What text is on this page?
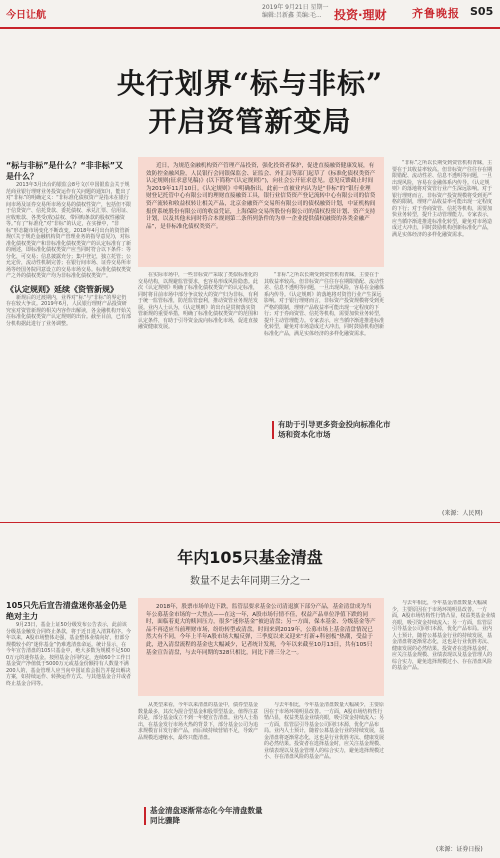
今日让航
2019年 9月21日 星期一
编辑:吕新鑫 美编:毛...	投资·理财 齐鲁晚报 S05
央行划界“标与非标”
开启资管新变局

近日，为规范金融机构资产管理产品投资，强化投资者保护，促进直接融资健康发展，有效防控金融风险，人民银行会同银保监会、证监会、外汇局等部门起草了《标准化债权类资产认定规则(征求意见稿)》(以下简称“《认定规则》”)，向社会公开征求意见。意见反馈截止时间为2019年11月10日。《认定规则》中明确指出，此前一直被业内认为是“非标”的“银行业理财登记托管中心有限公司的理财直接融资工具，银行业信贷资产登记流转中心有限公司的信贷资产流转和收益权转让相关产品，北京金融资产交易所有限公司的债权融资计划，中证机构间报价系统股份有限公司的收益凭证，上海保险交易所股份有限公司的债权投资计划、资产支持计划，以及其他未同时符合本规则第二条所列条件的为单一企业提供债权融资的各类金融产品”，是非标准化债权类资产。

“标与非标”是什么？“非非标”又是什么？

2013年3月出台的银监会8号文(《中国银监会关于规范商业银行理财业务投资运作有关问题的通知》)，能出了对“非标”的明确定义：“非标准化债权资产是指未在银行间市场及证券交易所市场交易的债权性资产，包括但不限于信贷资产、信托贷款、委托债权、承兑汇票、信用证、应收账款、各类受(收)益权、带回购条款的股权性融资等。”有了“标准化”对“非标”的认定，在实操中，“非标”形态随市场变化不断改变。2018年4月出台的资管新规(《关于规范金融机构资产管理业务的指导意见》)，对标准化债权类资产和非标准化债权类资产的认定标准有了新的阐述，即标准化债权类资产应当同时符合以下条件：等分化，可交易；信息披露充分；集中登记，独立托管；公允定价，流动性机制完善；在银行间市场、证券交易所市场等经国务院同意设立的交易市场交易。标准化债权类资产之外的债权类资产均为非标准化债权类资产。

《认定规则》延续《资管新规》

新规后的过渡期内，业界对“标”与“非标”的界定仍存在较大争议。2019年6月，人民银行理财产品投资研究室对资管新规的相关内容作出解读，各金融机构开始关注标准化债权类资产认定规则的出台。截至目前，已有部分机构据此进行了业务调整。

在实际市场中，一些非标资产采取了类似标准化的交易结构，以规避监管要求，也容易形成风险隐患。此次《认定规则》明确了标准化债权类资产的认定标准，同时将目前市场中部分争议较大的资产归为非标，有利于统一监管标准，防范监管套利，推动资管业务规范发展。业内人士认为，《认定规则》的出台是贯彻落实资管新规的重要举措，明确了标准化债权类资产的范围和认定条件，有助于引导资金流向标准化市场，促进直接融资健康发展。

“非标”之所以长期受到资管机构青睐，主要在于其收益率较高。但非标资产往往存在期限错配、流动性差、信息不透明等问题，一旦出现风险，容易在金融体系内传导。《认定规则》的落地将对资管行业产生深远影响。对于银行理财而言，非标资产投资规模将受到更严格的限制，理财产品收益率可能出现一定程度的下行；对于券商资管、信托等机构，需要加快业务转型，提升主动管理能力。专家表示，应当循序渐进推进标准化转型，避免对市场造成过大冲击，同时鼓励机构创新标准化产品，满足实体经济的多样化融资需求。

有助于引导更多资金投向标准化市场和资本化市场

“非标”之所以长期受到资管机构青睐，主要在于其收益率较高。但非标资产往往存在期限错配、流动性差、信息不透明等问题，一旦出现风险，容易在金融体系内传导。《认定规则》的落地将对资管行业产生深远影响。对于银行理财而言，非标资产投资规模将受到更严格的限制，理财产品收益率可能出现一定程度的下行；对于券商资管、信托等机构，需要加快业务转型，提升主动管理能力。专家表示，应当循序渐进推进标准化转型，避免对市场造成过大冲击，同时鼓励机构创新标准化产品，满足实体经济的多样化融资需求。

(来源：人民网)
年内105只基金清盘
数量不足去年同期三分之一

2018年，股票市场单边下跌，监管层要求基金公司清退旗下部分产品，基金清盘成为当年公募基金市场的一大焦点——在这一年，A股市场行情不佳，权益产品单位净值下跌的同时，面临着更大的赎回压力，很多“迷你基金”被迫清盘；另一方面，保本基金、分级基金等产品不再适应当前理财市场，纷纷转型或清盘。时间来到2019年，公募市场上基金清盘情况已然大有不同，今年上半年A股市场大幅反弹，三季度以来又迎来“打新+科创板”热潮，受益于此，进入清盘流程的基金也大幅减少，记者统计发现，今年以来截至10月13日，共有105只基金宣告清盘，与去年同期的328只相比，同比下滑三分之一。

105只先后宣告清盘迷你基金仍是绝对主力

9月23日，基金上证50分级发布公告表示，此前该分级基金触发合同终止条款，将于近日进入清算程序。今年以来，A股市场整体走强，基金整体业绩向好，但部分规模较小的“迷你基金”仍难逃清盘命运。统计显示，在今年宣告清盘的105只基金中，绝大多数为规模不足5000万元的迷你基金。按照基金合同约定，连续60个工作日基金资产净值低于5000万元或基金份额持有人数量不满200人的，基金管理人应当向中国证监会报告并提出解决方案，如持续运作、转换运作方式、与其他基金合并或者终止基金合同等。

从类型来看，今年以来清盘的基金中，债券型基金数量最多，其次为混合型基金和股票型基金。值得注意的是，部分基金成立不到一年便宣告清盘。业内人士指出，在基金发行市场火热的背景下，部分基金公司为追求规模盲目发行新产品，而后续持续营销不足，导致产品规模迅速缩水，最终只能清盘。

基金清盘逐渐常态化今年清盘数量同比骤降

与去年相比，今年基金清盘数量大幅减少，主要原因在于市场环境明显改善。一方面，A股市场结构性行情凸显，权益类基金业绩亮眼，吸引资金持续流入；另一方面，监管层引导基金公司回归本源，优化产品布局。业内人士预计，随着公募基金行业的持续发展，基金清盘将逐渐常态化，这也是行业优胜劣汰、健康发展的必然结果。投资者在选择基金时，应关注基金规模、业绩表现以及基金管理人的综合实力，避免选择规模过小、存在清盘风险的基金产品。

与去年相比，今年基金清盘数量大幅减少，主要原因在于市场环境明显改善。一方面，A股市场结构性行情凸显，权益类基金业绩亮眼，吸引资金持续流入；另一方面，监管层引导基金公司回归本源，优化产品布局。业内人士预计，随着公募基金行业的持续发展，基金清盘将逐渐常态化，这也是行业优胜劣汰、健康发展的必然结果。投资者在选择基金时，应关注基金规模、业绩表现以及基金管理人的综合实力，避免选择规模过小、存在清盘风险的基金产品。

(来源：证券日报)
